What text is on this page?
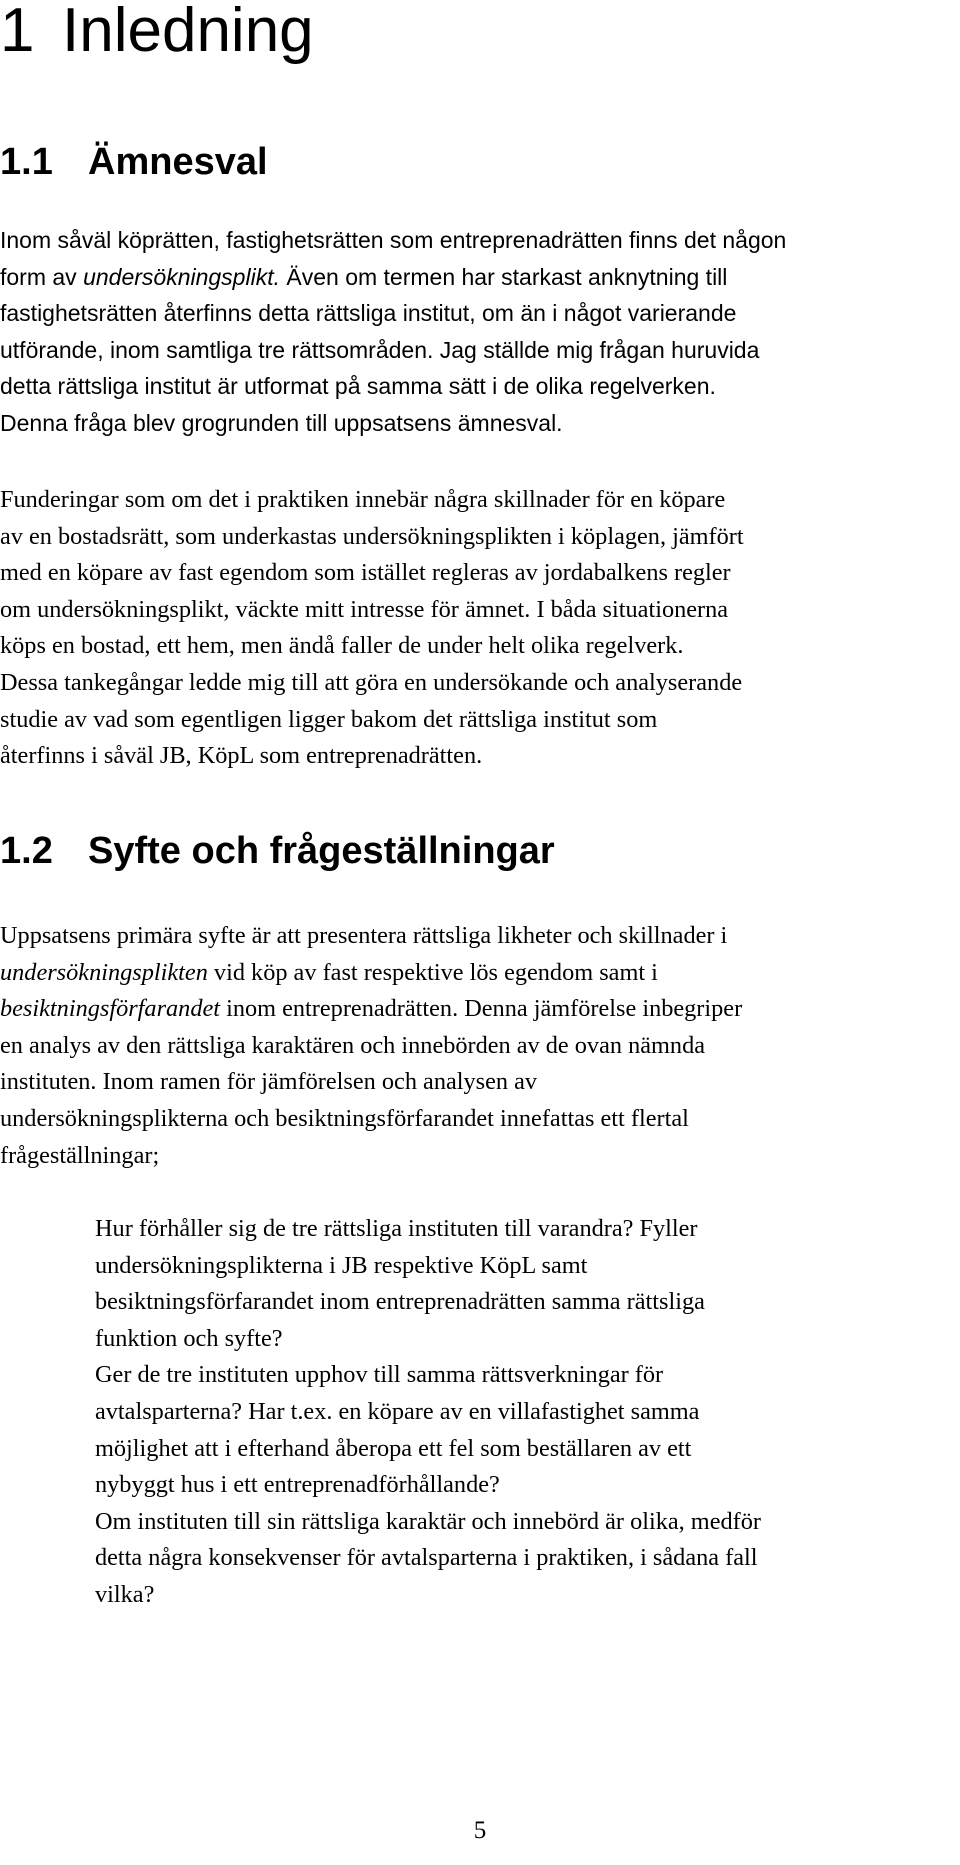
1 Inledning
1.1 Ämnesval

Inom såväl köprätten, fastighetsrätten som entreprenadrätten finns det någon
form av undersökningsplikt. Även om termen har starkast anknytning till
fastighetsrätten återfinns detta rättsliga institut, om än i något varierande
utförande, inom samtliga tre rättsområden. Jag ställde mig frågan huruvida
detta rättsliga institut är utformat på samma sätt i de olika regelverken.
Denna fråga blev grogrunden till uppsatsens ämnesval.

Funderingar som om det i praktiken innebär några skillnader för en köpare
av en bostadsrätt, som underkastas undersökningsplikten i köplagen, jämfört
med en köpare av fast egendom som istället regleras av jordabalkens regler
om undersökningsplikt, väckte mitt intresse för ämnet. I båda situationerna
köps en bostad, ett hem, men ändå faller de under helt olika regelverk.
Dessa tankegångar ledde mig till att göra en undersökande och analyserande
studie av vad som egentligen ligger bakom det rättsliga institut som
återfinns i såväl JB, KöpL som entreprenadrätten.

1.2 Syfte och frågeställningar

Uppsatsens primära syfte är att presentera rättsliga likheter och skillnader i
undersökningsplikten vid köp av fast respektive lös egendom samt i
besiktningsförfarandet inom entreprenadrätten. Denna jämförelse inbegriper
en analys av den rättsliga karaktären och innebörden av de ovan nämnda
instituten. Inom ramen för jämförelsen och analysen av
undersökningsplikterna och besiktningsförfarandet innefattas ett flertal
frågeställningar;

Hur förhåller sig de tre rättsliga instituten till varandra? Fyller
undersökningsplikterna i JB respektive KöpL samt
besiktningsförfarandet inom entreprenadrätten samma rättsliga
funktion och syfte?
Ger de tre instituten upphov till samma rättsverkningar för
avtalsparterna? Har t.ex. en köpare av en villafastighet samma
möjlighet att i efterhand åberopa ett fel som beställaren av ett
nybyggt hus i ett entreprenadförhållande?
Om instituten till sin rättsliga karaktär och innebörd är olika, medför
detta några konsekvenser för avtalsparterna i praktiken, i sådana fall
vilka?

5
